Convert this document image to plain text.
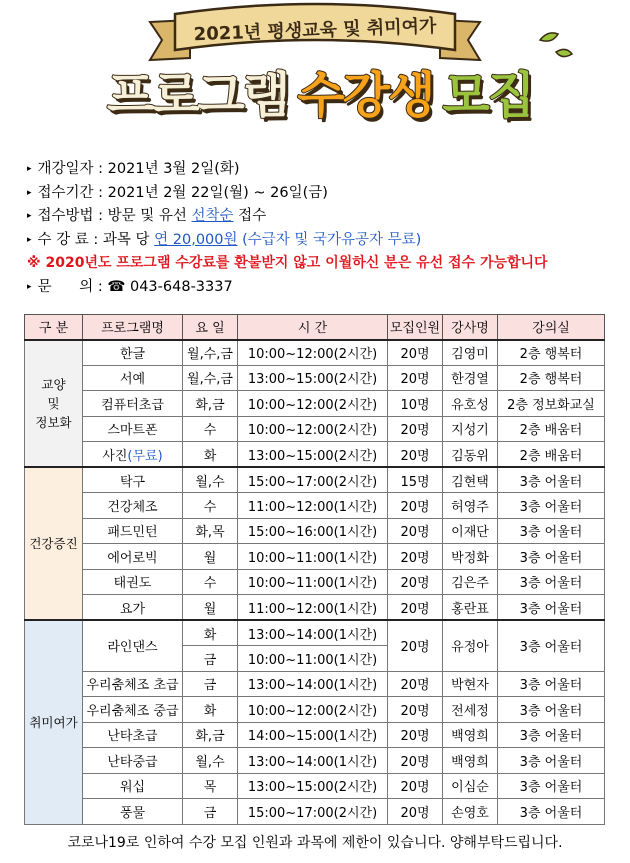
2021년 평생교육 및 취미여가
프로그램 수강생 모집
▸ 개강일자 : 2021년 3월 2일(화)
▸ 접수기간 : 2021년 2월 22일(월) ~ 26일(금)
▸ 접수방법 : 방문 및 유선 선착순 접수
▸ 수 강 료 : 과목 당 연 20,000원 (수급자 및 국가유공자 무료)
※ 2020년도 프로그램 수강료를 환불받지 않고 이월하신 분은 유선 접수 가능합니다
▸ 문      의 : ☎ 043-648-3337
구 분	프로그램명	요 일	시 간	모집인원	강사명	강의실
교양
및
정보화	한글	월,수,금	10:00~12:00(2시간)	20명	김영미	2층 행복터
	서예	월,수,금	13:00~15:00(2시간)	20명	한경열	2층 행복터
	컴퓨터초급	화,금	10:00~12:00(2시간)	10명	유호성	2층 정보화교실
	스마트폰	수	10:00~12:00(2시간)	20명	지성기	2층 배움터
	사진(무료)	화	13:00~15:00(2시간)	20명	김동위	2층 배움터
건강증진	탁구	월,수	15:00~17:00(2시간)	15명	김현택	3층 어울터
	건강체조	수	11:00~12:00(1시간)	20명	허영주	3층 어울터
	패드민턴	화,목	15:00~16:00(1시간)	20명	이재단	3층 어울터
	에어로빅	월	10:00~11:00(1시간)	20명	박정화	3층 어울터
	태권도	수	10:00~11:00(1시간)	20명	김은주	3층 어울터
	요가	월	11:00~12:00(1시간)	20명	홍란표	3층 어울터
취미여가	라인댄스	화	13:00~14:00(1시간)	20명	유정아	3층 어울터
		금	10:00~11:00(1시간)			
	우리춤체조 초급	금	13:00~14:00(1시간)	20명	박현자	3층 어울터
	우리춤체조 중급	화	10:00~12:00(2시간)	20명	전세정	3층 어울터
	난타초급	화,금	14:00~15:00(1시간)	20명	백영희	3층 어울터
	난타중급	월,수	13:00~14:00(1시간)	20명	백영희	3층 어울터
	워십	목	13:00~15:00(2시간)	20명	이심순	3층 어울터
	풍물	금	15:00~17:00(2시간)	20명	손영호	3층 어울터
코로나19로 인하여 수강 모집 인원과 과목에 제한이 있습니다. 양해부탁드립니다.
